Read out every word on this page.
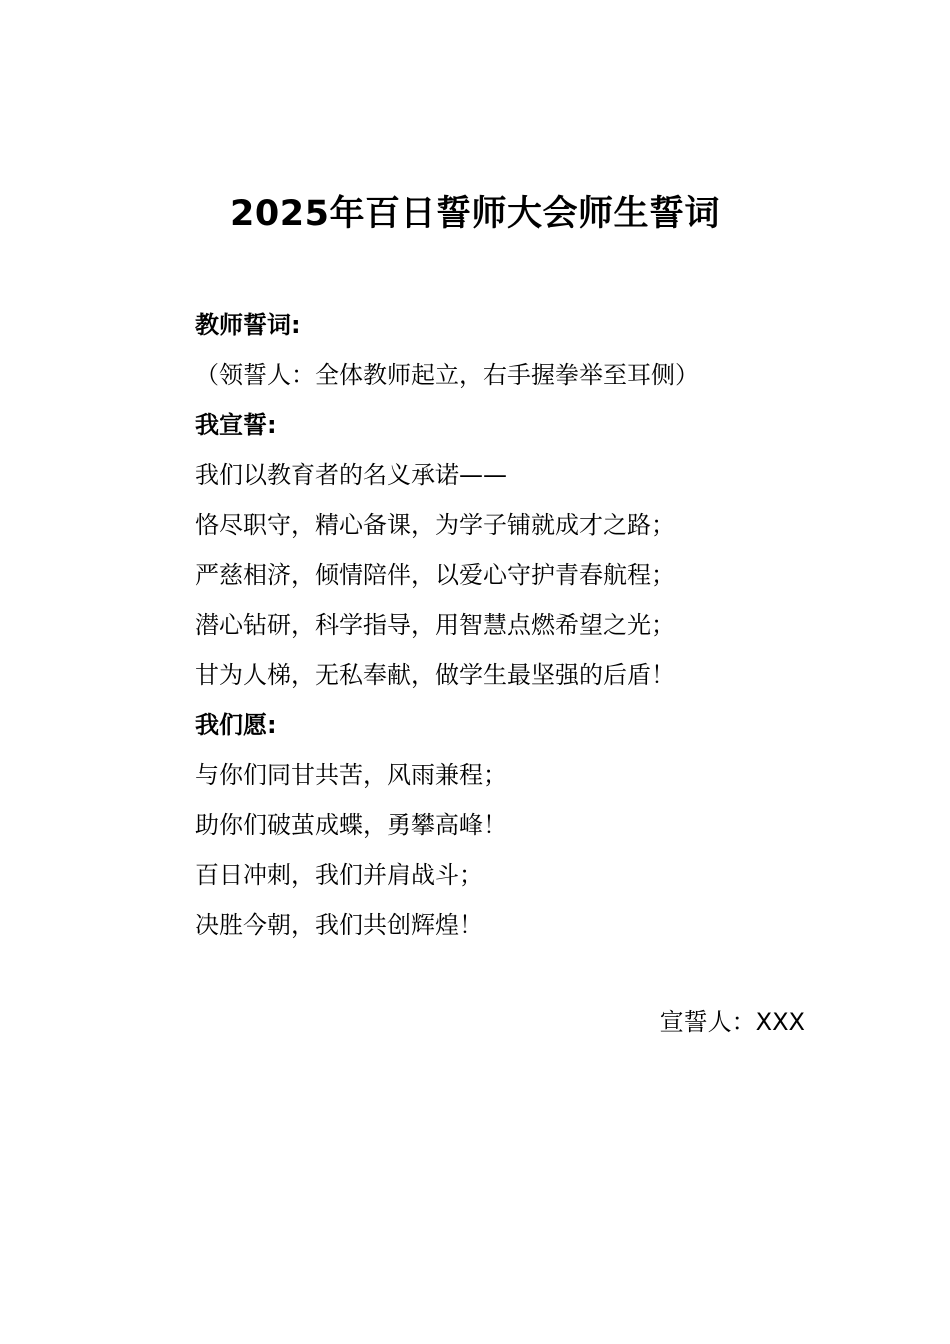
2025年百日誓师大会师生誓词
教师誓词:
（领誓人：全体教师起立，右手握拳举至耳侧）
我宣誓:
我们以教育者的名义承诺——
恪尽职守，精心备课，为学子铺就成才之路；
严慈相济，倾情陪伴，以爱心守护青春航程；
潜心钻研，科学指导，用智慧点燃希望之光；
甘为人梯，无私奉献，做学生最坚强的后盾！
我们愿:
与你们同甘共苦，风雨兼程；
助你们破茧成蝶，勇攀高峰！
百日冲刺，我们并肩战斗；
决胜今朝，我们共创辉煌！
宣誓人：XXX
